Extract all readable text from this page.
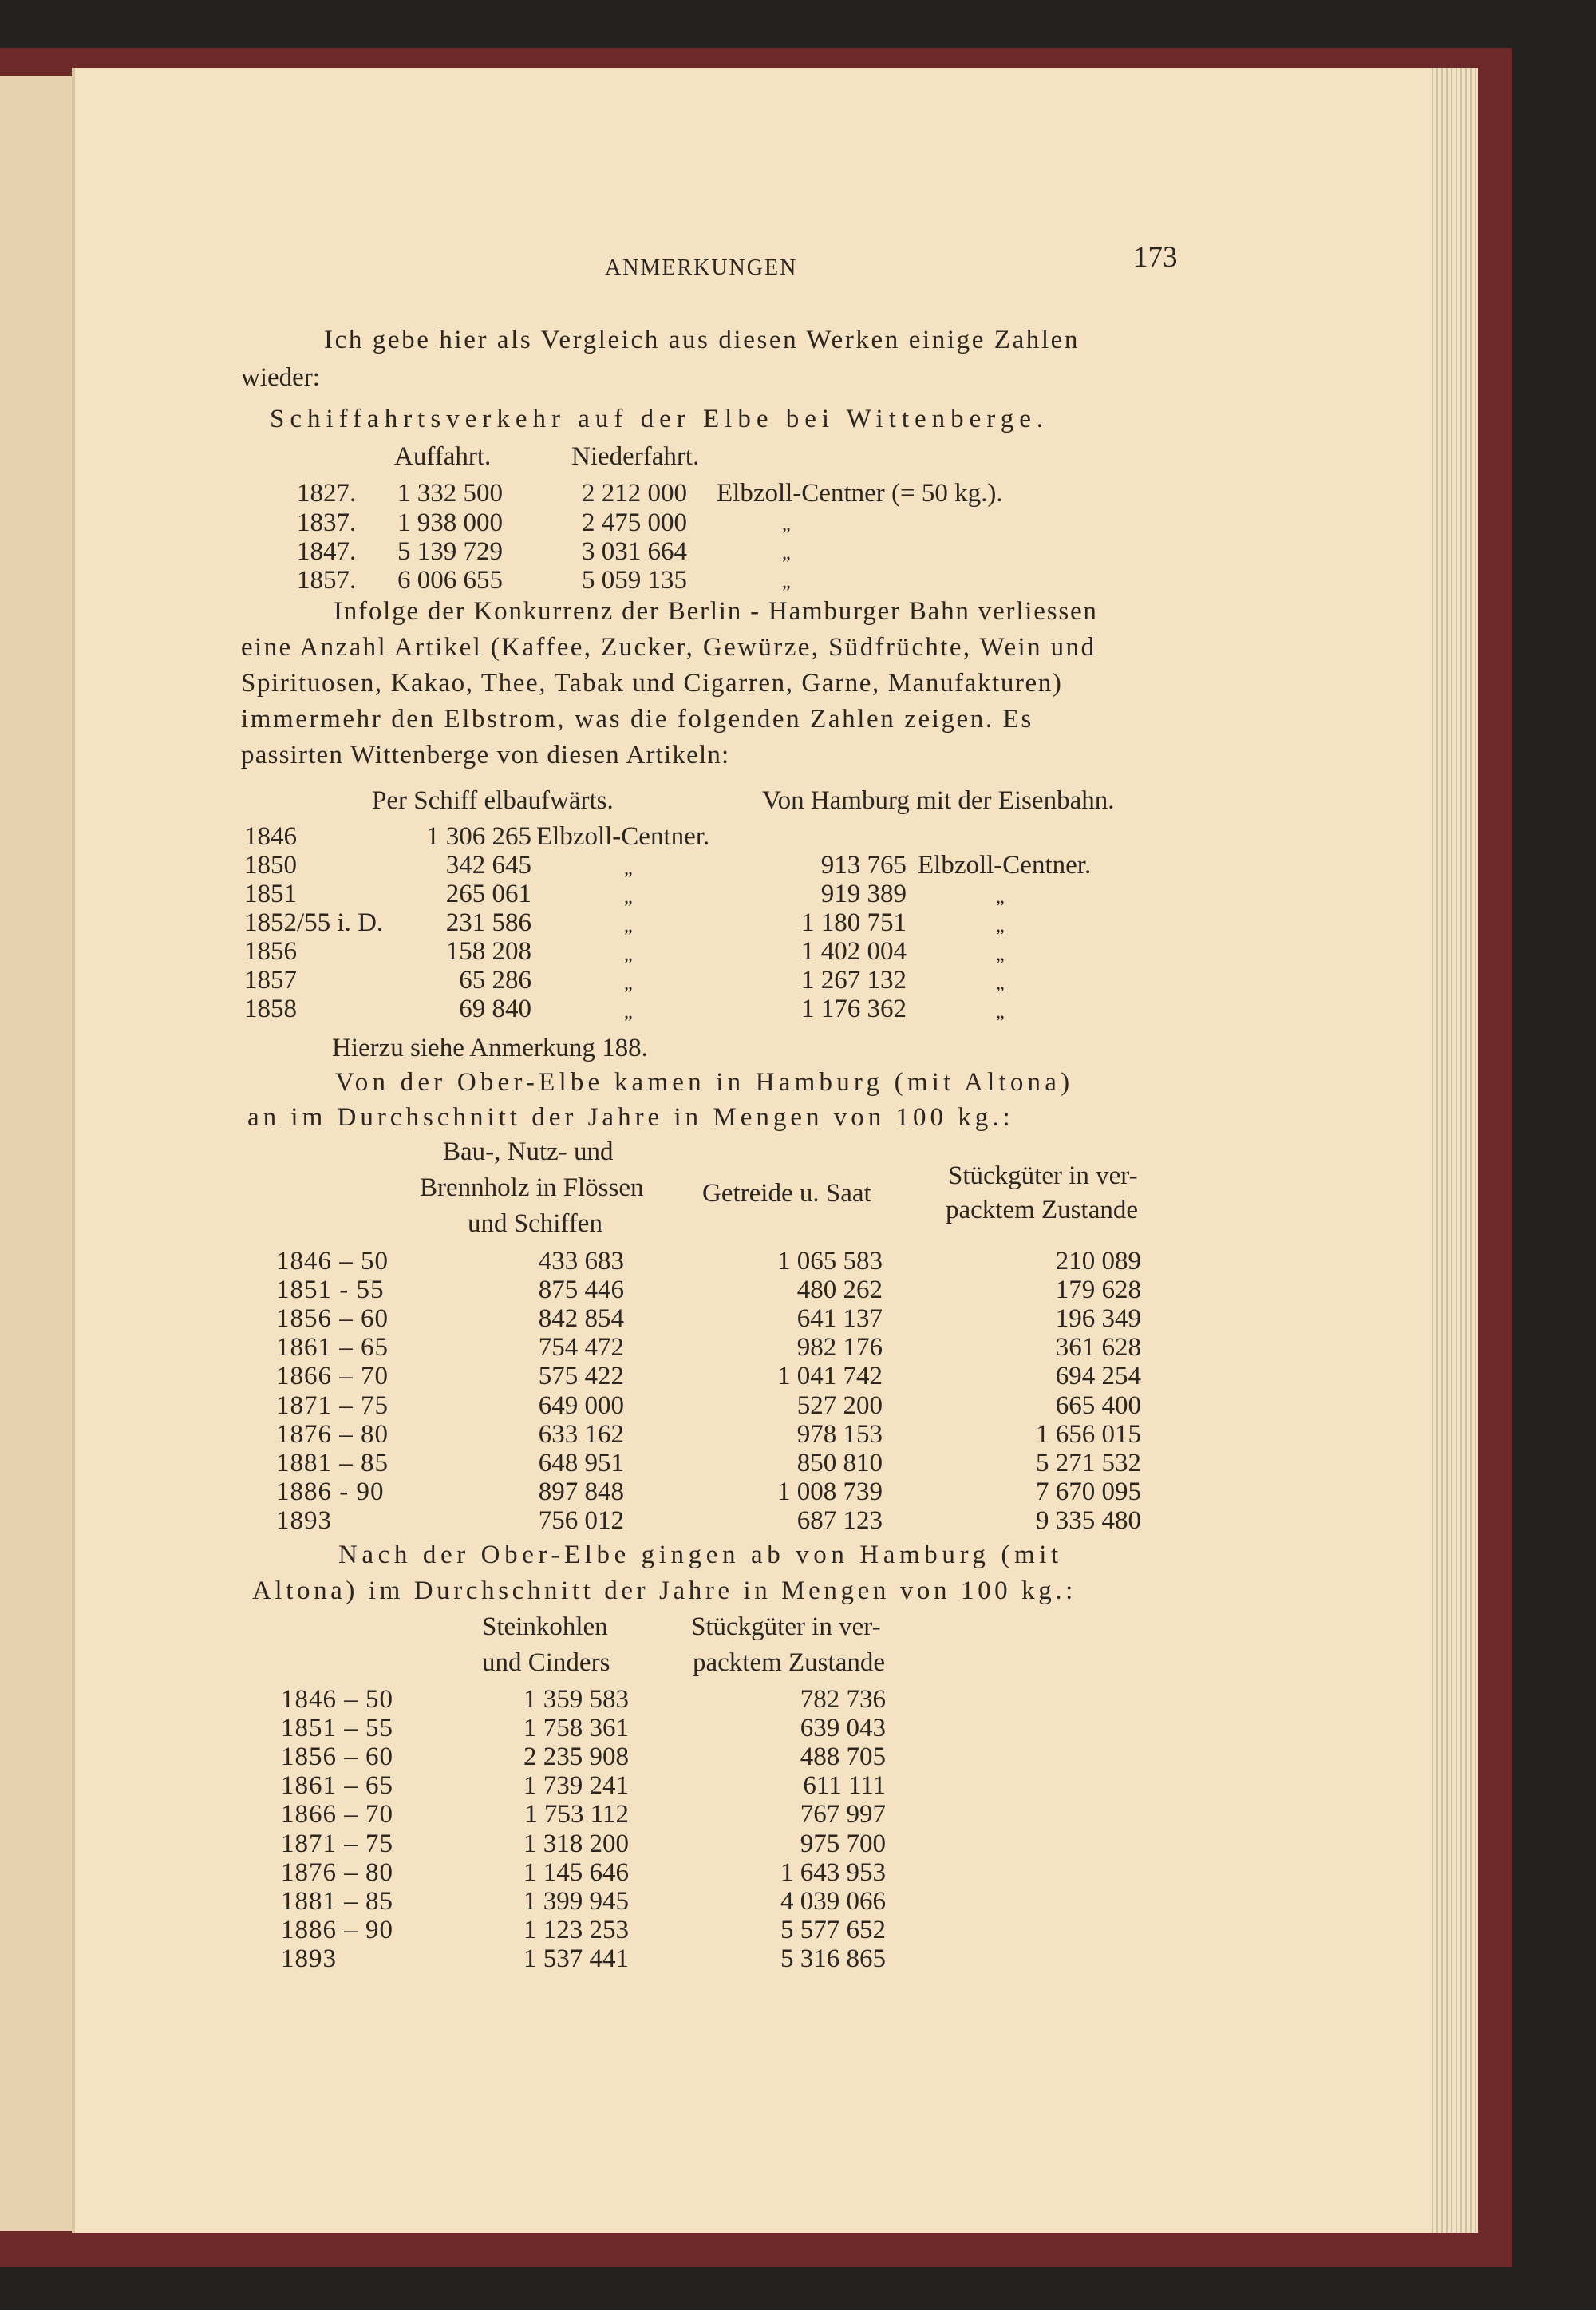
ANMERKUNGEN	173
Ich gebe hier als Vergleich aus diesen Werken einige Zahlen
wieder:
Schiffahrtsverkehr auf der Elbe bei Wittenberge.
Auffahrt.	Niederfahrt.
1827. 1 332 500	2 212 000 Elbzoll-Centner (= 50 kg.).
1837. 1 938 000	2 475 000	„
1847. 5 139 729	3 031 664	„
1857. 6 006 655	5 059 135	„
Infolge der Konkurrenz der Berlin - Hamburger Bahn verliessen
eine Anzahl Artikel (Kaffee, Zucker, Gewürze, Südfrüchte, Wein und
Spirituosen, Kakao, Thee, Tabak und Cigarren, Garne, Manufakturen)
immermehr den Elbstrom, was die folgenden Zahlen zeigen. Es
passirten Wittenberge von diesen Artikeln:
Per Schiff elbaufwärts.	Von Hamburg mit der Eisenbahn.
1846	1 306 265 Elbzoll-Centner.
1850	342 645	„	913 765 Elbzoll-Centner.
1851	265 061	„	919 389	„
1852/55 i. D.	231 586	„	1 180 751	„
1856	158 208	„	1 402 004	„
1857	65 286	„	1 267 132	„
1858	69 840	„	1 176 362	„
Hierzu siehe Anmerkung 188.
Von der Ober-Elbe kamen in Hamburg (mit Altona)
an im Durchschnitt der Jahre in Mengen von 100 kg.:
Bau-, Nutz- und
Brennholz in Flössen
und Schiffen
Getreide u. Saat
Stückgüter in ver-
packtem Zustande
1846 – 50	433 683	1 065 583	210 089
1851 - 55	875 446	480 262	179 628
1856 – 60	842 854	641 137	196 349
1861 – 65	754 472	982 176	361 628
1866 – 70	575 422	1 041 742	694 254
1871 – 75	649 000	527 200	665 400
1876 – 80	633 162	978 153	1 656 015
1881 – 85	648 951	850 810	5 271 532
1886 - 90	897 848	1 008 739	7 670 095
1893	756 012	687 123	9 335 480
Nach der Ober-Elbe gingen ab von Hamburg (mit
Altona) im Durchschnitt der Jahre in Mengen von 100 kg.:
Steinkohlen
und Cinders
Stückgüter in ver-
packtem Zustande
1846 – 50	1 359 583	782 736
1851 – 55	1 758 361	639 043
1856 – 60	2 235 908	488 705
1861 – 65	1 739 241	611 111
1866 – 70	1 753 112	767 997
1871 – 75	1 318 200	975 700
1876 – 80	1 145 646	1 643 953
1881 – 85	1 399 945	4 039 066
1886 – 90	1 123 253	5 577 652
1893	1 537 441	5 316 865
